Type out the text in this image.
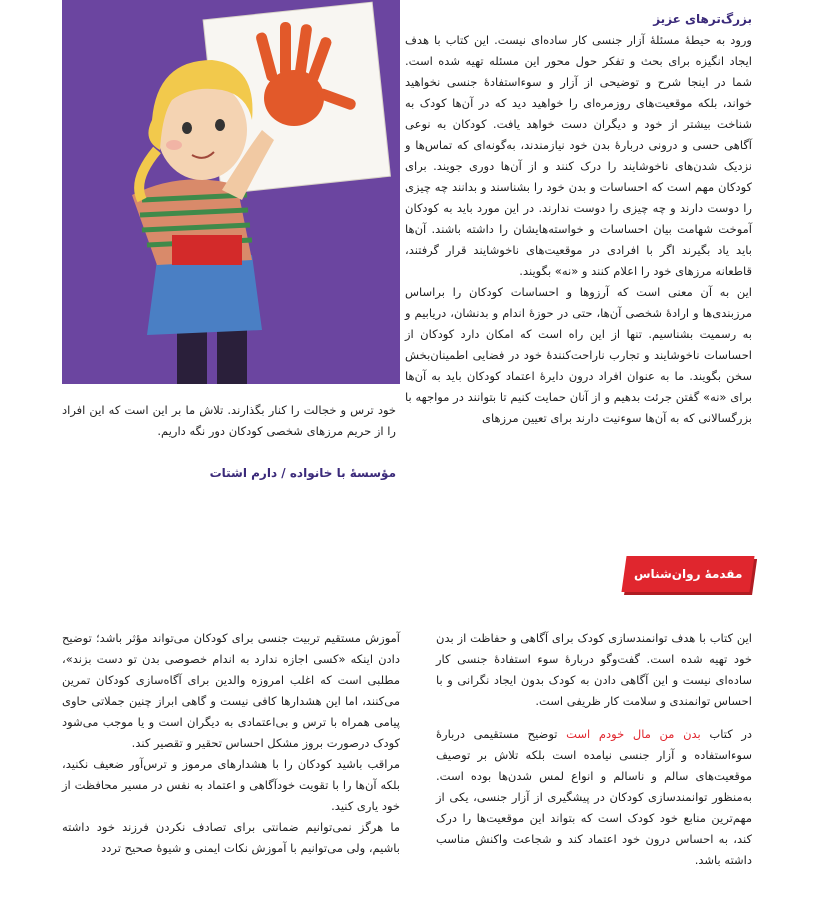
بزرگ‌ترهای عزیز

ورود به حیطهٔ مسئلهٔ آزار جنسی کار ساده‌ای نیست. این کتاب با هدف ایجاد انگیزه برای بحث و تفکر حول محور این مسئله تهیه شده است. شما در اینجا شرح و توضیحی از آزار و سوءاستفادهٔ جنسی نخواهید خواند، بلکه موقعیت‌های روزمره‌ای را خواهید دید که در آن‌ها کودک به شناخت بیشتر از خود و دیگران دست خواهد یافت. کودکان به نوعی آگاهی حسی و درونی دربارهٔ بدن خود نیازمندند، به‌گونه‌ای که تماس‌ها و نزدیک شدن‌های ناخوشایند را درک کنند و از آن‌ها دوری جویند. برای کودکان مهم است که احساسات و بدن خود را بشناسند و بدانند چه چیزی را دوست دارند و چه چیزی را دوست ندارند. در این مورد باید به کودکان آموخت شهامت بیان احساسات و خواسته‌هایشان را داشته باشند. آن‌ها باید یاد بگیرند اگر با افرادی در موقعیت‌های ناخوشایند قرار گرفتند، قاطعانه مرزهای خود را اعلام کنند و «نه» بگویند.

این به آن معنی است که آرزوها و احساسات کودکان را براساس مرزبندی‌ها و ارادهٔ شخصی آن‌ها، حتی در حوزهٔ اندام و بدنشان، دریابیم و به رسمیت بشناسیم. تنها از این راه است که امکان دارد کودکان از احساسات ناخوشایند و تجارب ناراحت‌کنندهٔ خود در فضایی اطمینان‌بخش سخن بگویند. ما به عنوان افراد درون دایرهٔ اعتماد کودکان باید به آن‌ها برای «نه» گفتن جرئت بدهیم و از آنان حمایت کنیم تا بتوانند در مواجهه با بزرگسالانی که به آن‌ها سوءنیت دارند برای تعیین مرزهای

خود ترس و خجالت را کنار بگذارند. تلاش ما بر این است که این افراد را از حریم مرزهای شخصی کودکان دور نگه داریم.

مؤسسهٔ با خانواده / دارم اشتات
مقدمهٔ روان‌شناس

این کتاب با هدف توانمندسازی کودک برای آگاهی و حفاظت از بدن خود تهیه شده است. گفت‌وگو دربارهٔ سوء استفادهٔ جنسی کار ساده‌ای نیست و این آگاهی دادن به کودک بدون ایجاد نگرانی و با احساس توانمندی و سلامت کار ظریفی است.

در کتاب بدن من مال خودم است توضیح مستقیمی دربارهٔ سوءاستفاده و آزار جنسی نیامده است بلکه تلاش بر توصیف موقعیت‌های سالم و ناسالم و انواع لمس شدن‌ها بوده است. به‌منظور توانمندسازی کودکان در پیشگیری از آزار جنسی، یکی از مهم‌ترین منابع خود کودک است که بتواند این موقعیت‌ها را درک کند، به احساس درون خود اعتماد کند و شجاعت واکنش مناسب داشته باشد.

آموزش مستقیم تربیت جنسی برای کودکان می‌تواند مؤثر باشد؛ توضیح دادن اینکه «کسی اجازه ندارد به اندام خصوصی بدن تو دست بزند»، مطلبی است که اغلب امروزه والدین برای آگاه‌سازی کودکان تمرین می‌کنند، اما این هشدارها کافی نیست و گاهی ابراز چنین جملاتی حاوی پیامی همراه با ترس و بی‌اعتمادی به دیگران است و یا موجب می‌شود کودک درصورت بروز مشکل احساس تحقیر و تقصیر کند.

مراقب باشید کودکان را با هشدارهای مرموز و ترس‌آور ضعیف نکنید، بلکه آن‌ها را با تقویت خودآگاهی و اعتماد به نفس در مسیر محافظت از خود یاری کنید.

ما هرگز نمی‌توانیم ضمانتی برای تصادف نکردن فرزند خود داشته باشیم، ولی می‌توانیم با آموزش نکات ایمنی و شیوهٔ صحیح تردد
